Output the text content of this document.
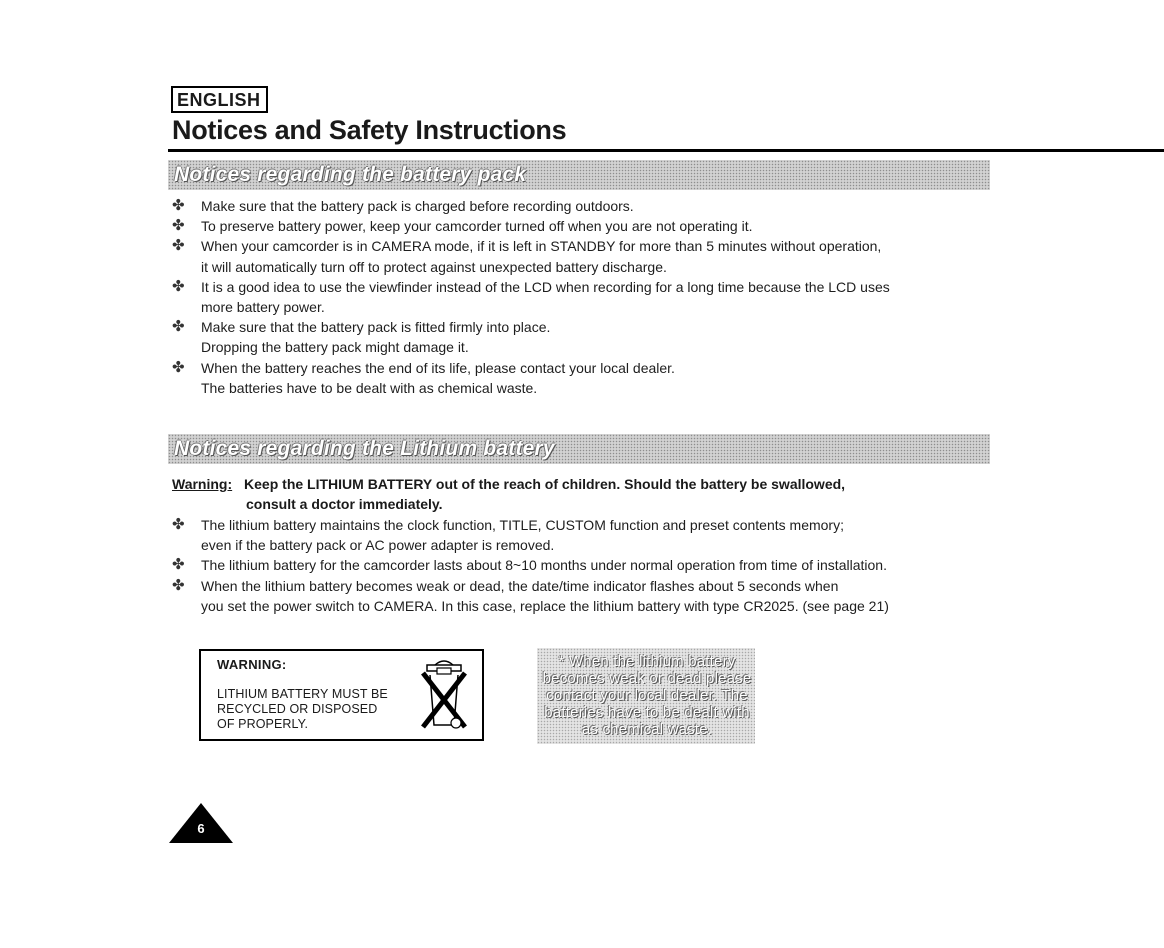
ENGLISH
Notices and Safety Instructions
Notices regarding the battery pack
✤ Make sure that the battery pack is charged before recording outdoors.
✤ To preserve battery power, keep your camcorder turned off when you are not operating it.
✤ When your camcorder is in CAMERA mode, if it is left in STANDBY for more than 5 minutes without operation,
it will automatically turn off to protect against unexpected battery discharge.
✤ It is a good idea to use the viewfinder instead of the LCD when recording for a long time because the LCD uses
more battery power.
✤ Make sure that the battery pack is fitted firmly into place.
Dropping the battery pack might damage it.
✤ When the battery reaches the end of its life, please contact your local dealer.
The batteries have to be dealt with as chemical waste.
Notices regarding the Lithium battery
Warning: Keep the LITHIUM BATTERY out of the reach of children. Should the battery be swallowed,
consult a doctor immediately.
✤ The lithium battery maintains the clock function, TITLE, CUSTOM function and preset contents memory;
even if the battery pack or AC power adapter is removed.
✤ The lithium battery for the camcorder lasts about 8~10 months under normal operation from time of installation.
✤ When the lithium battery becomes weak or dead, the date/time indicator flashes about 5 seconds when
you set the power switch to CAMERA. In this case, replace the lithium battery with type CR2025. (see page 21)
WARNING:
LITHIUM BATTERY MUST BE
RECYCLED OR DISPOSED
OF PROPERLY.
* When the lithium battery
becomes weak or dead please
contact your local dealer. The
batteries have to be dealt with
as chemical waste.
6
